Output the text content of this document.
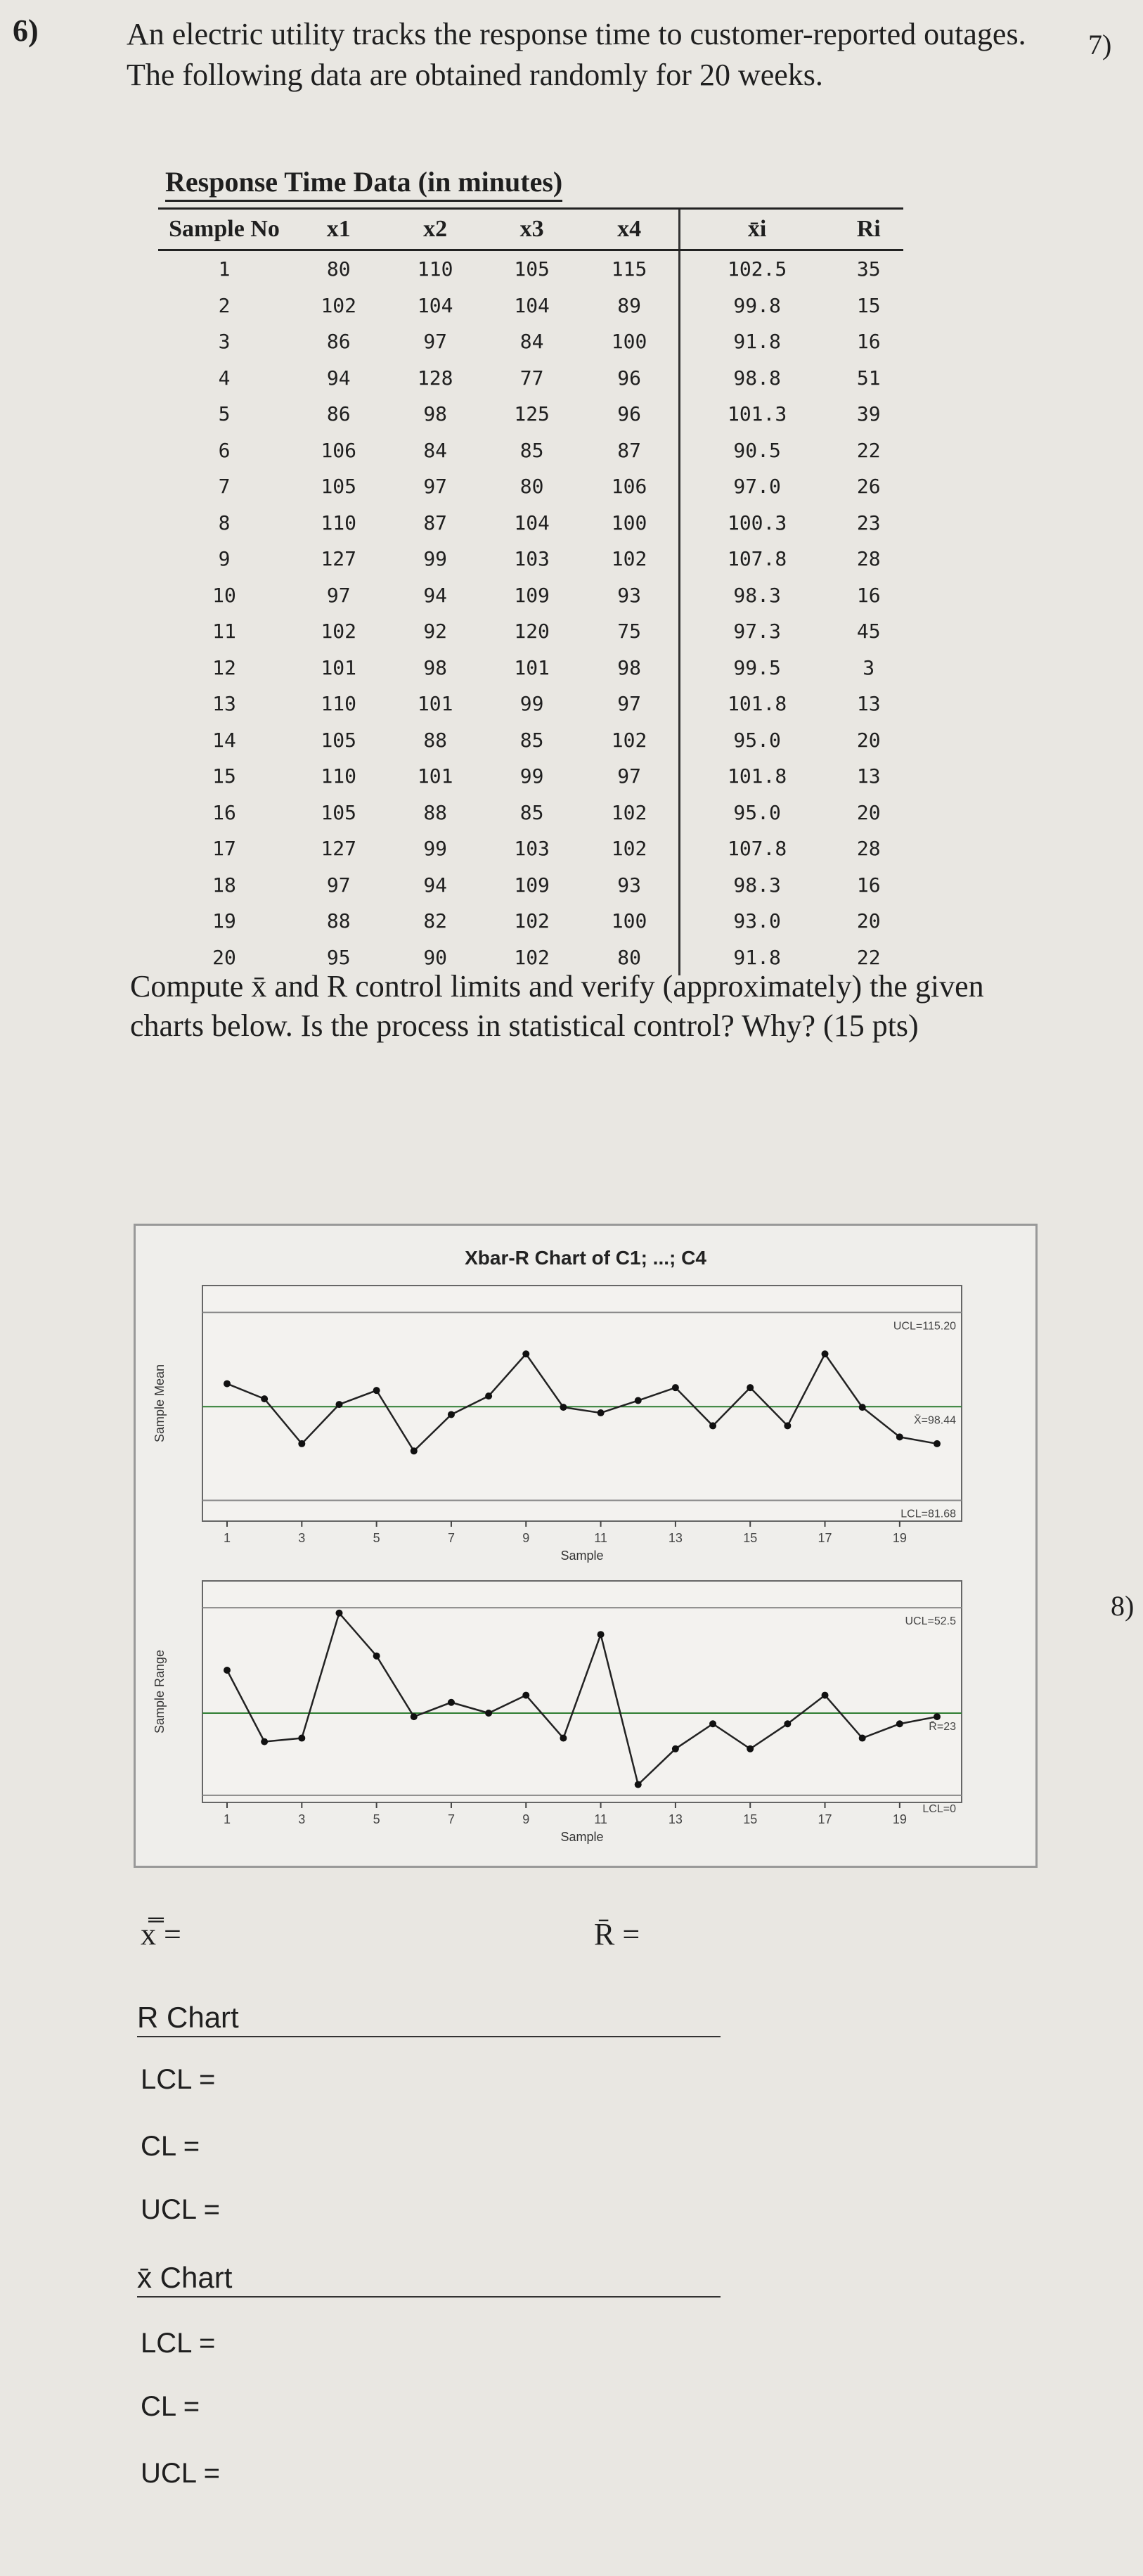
6)	7)
8)
An electric utility tracks the response time to customer-reported outages. The following data are obtained randomly for 20 weeks.
Response Time Data (in minutes)
Sample No	x1	x2	x3	x4	x̄i	Ri
1	80	110	105	115	102.5	35
2	102	104	104	89	99.8	15
3	86	97	84	100	91.8	16
4	94	128	77	96	98.8	51
5	86	98	125	96	101.3	39
6	106	84	85	87	90.5	22
7	105	97	80	106	97.0	26
8	110	87	104	100	100.3	23
9	127	99	103	102	107.8	28
10	97	94	109	93	98.3	16
11	102	92	120	75	97.3	45
12	101	98	101	98	99.5	3
13	110	101	99	97	101.8	13
14	105	88	85	102	95.0	20
15	110	101	99	97	101.8	13
16	105	88	85	102	95.0	20
17	127	99	103	102	107.8	28
18	97	94	109	93	98.3	16
19	88	82	102	100	93.0	20
20	95	90	102	80	91.8	22
Compute x̄ and R control limits and verify (approximately) the given charts below. Is the process in statistical control? Why? (15 pts)
Xbar-R Chart of C1; ...; C4
UCL=115.20
X̄=98.44
LCL=81.68
1	3	5	7	9	11	13	15	17	19
Sample
Sample Mean
UCL=52.5
R̄=23
LCL=0
1	3	5	7	9	11	13	15	17	19
Sample
Sample Range
x̿ =	R̄ =
R Chart
LCL =
CL =
UCL =
x̄ Chart
LCL =
CL =
UCL =
